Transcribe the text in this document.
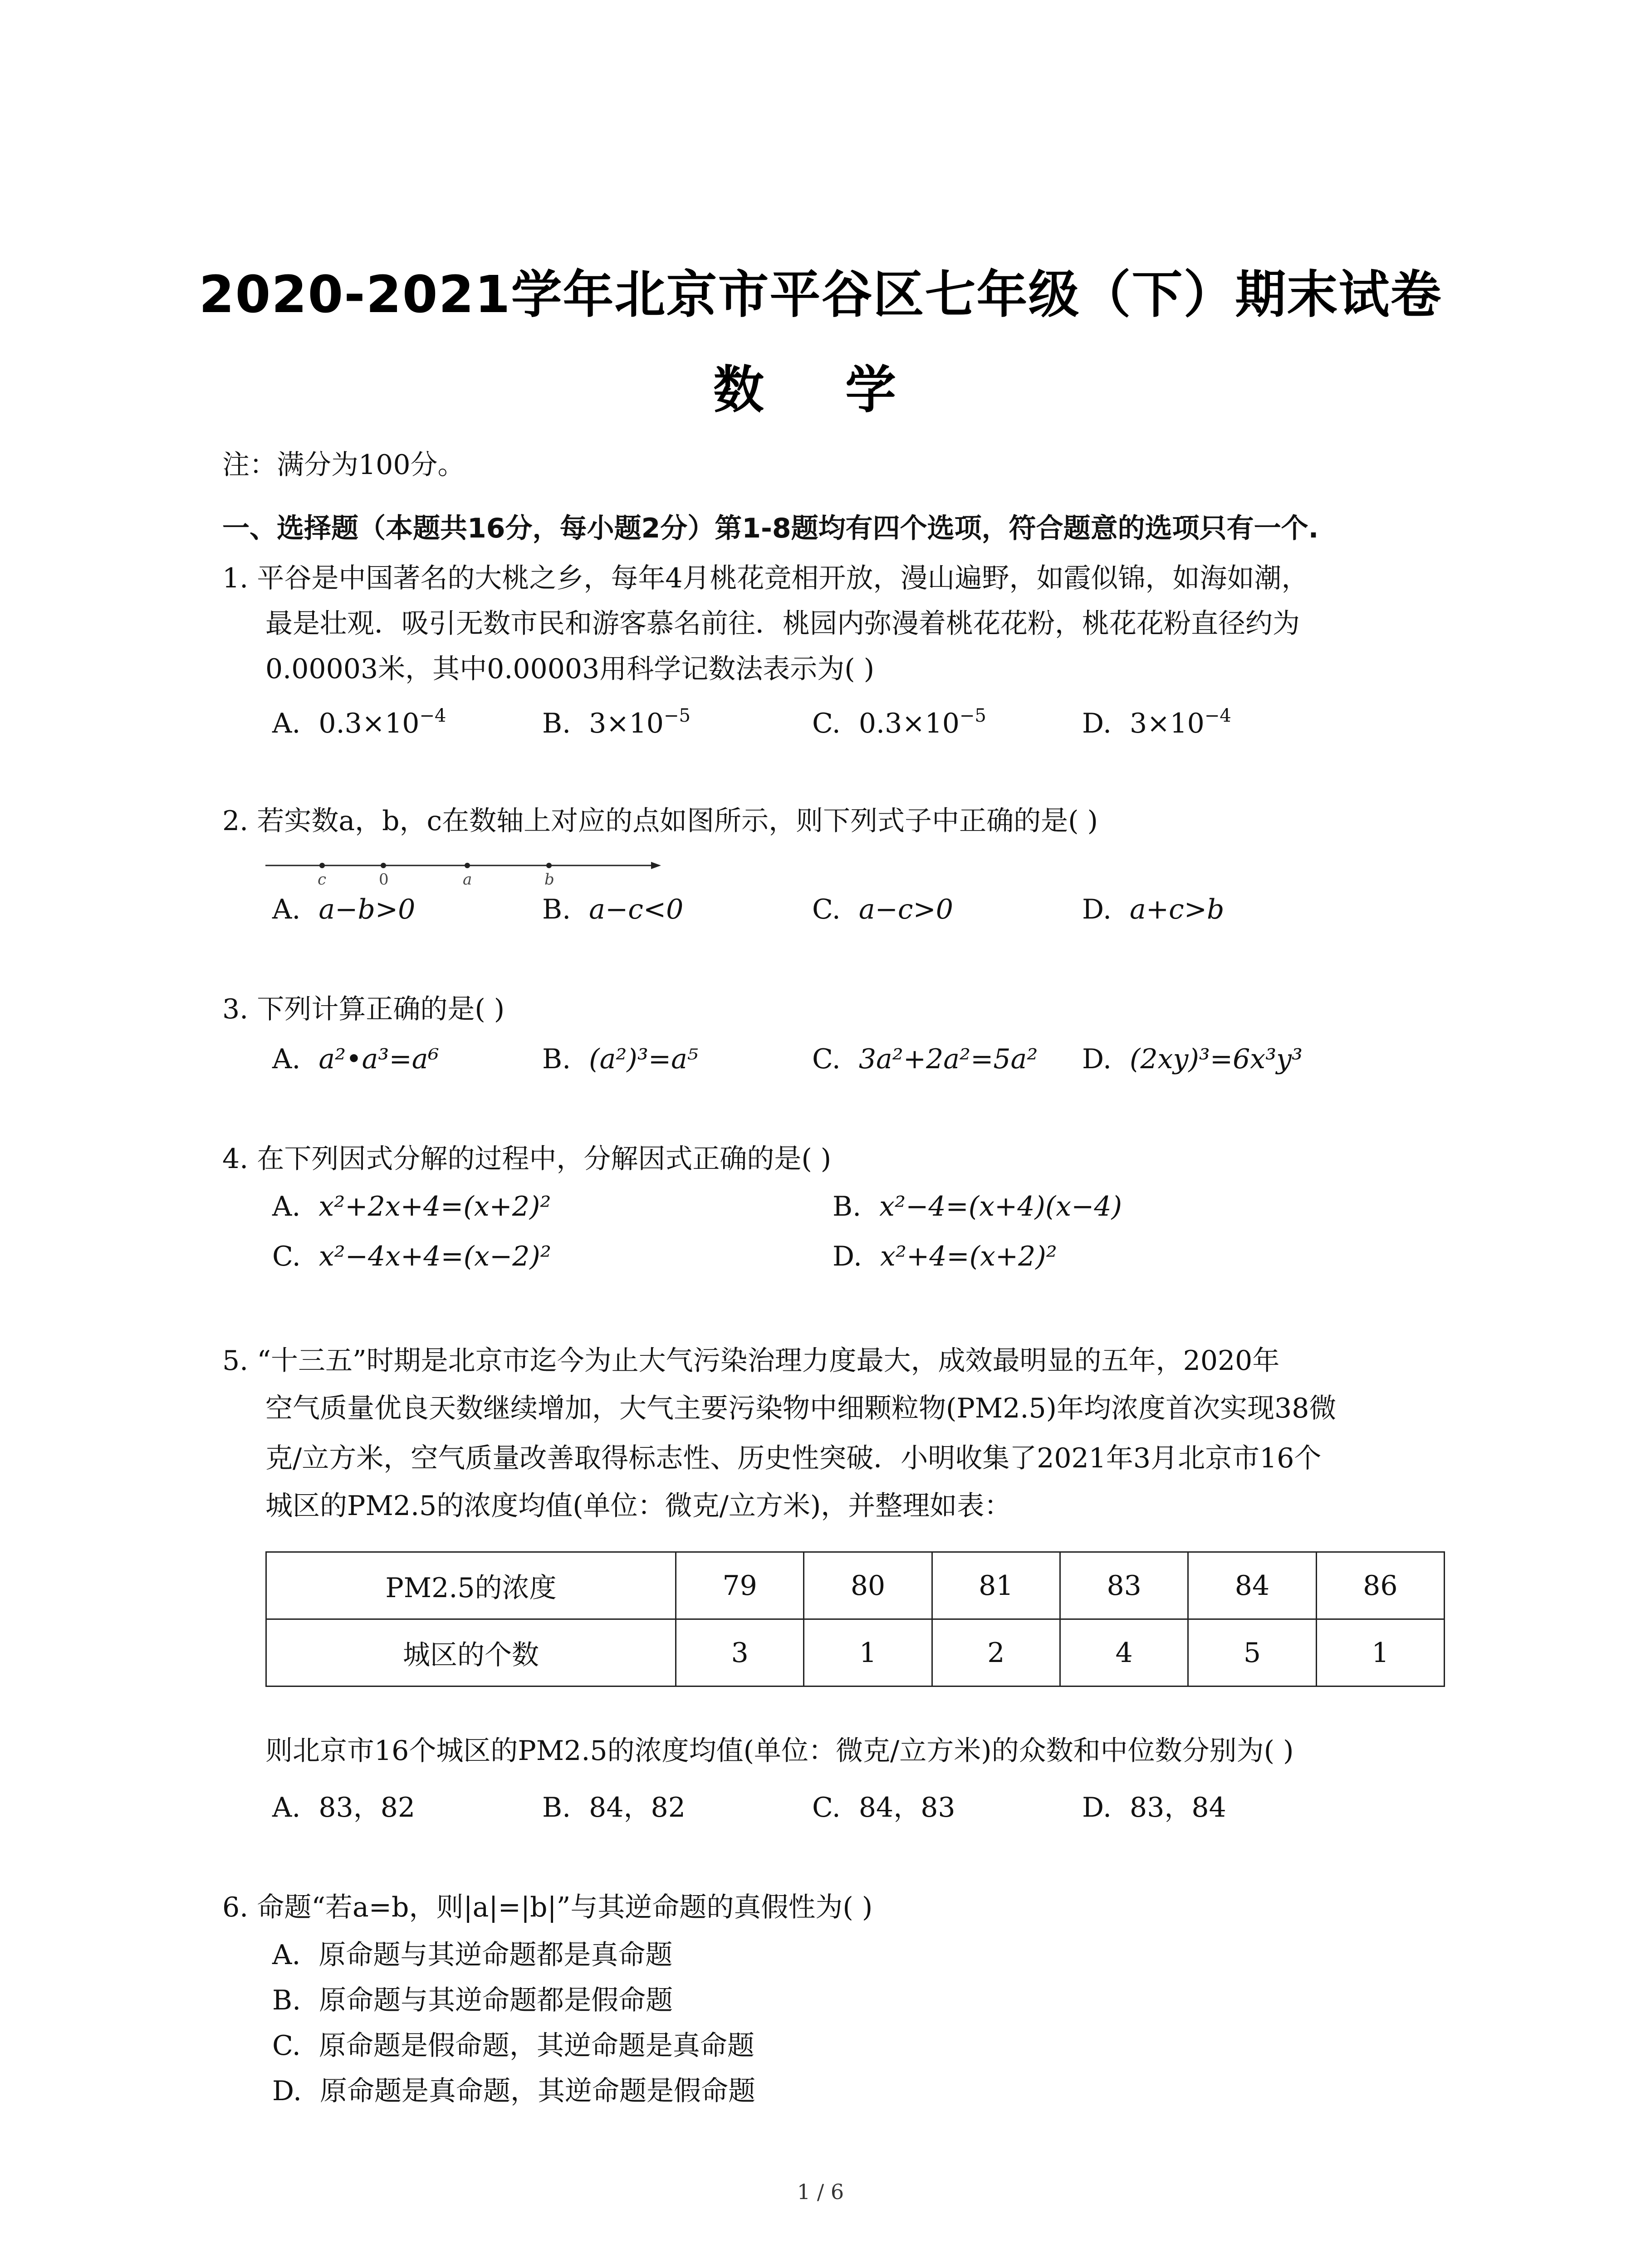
2020-2021学年北京市平谷区七年级（下）期末试卷
数 学
注：满分为100分。
一、选择题（本题共16分，每小题2分）第1-8题均有四个选项，符合题意的选项只有一个.
1. 平谷是中国著名的大桃之乡，每年4月桃花竞相开放，漫山遍野，如霞似锦，如海如潮，
最是壮观．吸引无数市民和游客慕名前往．桃园内弥漫着桃花花粉，桃花花粉直径约为
0.00003米，其中0.00003用科学记数法表示为( )
A. $0.3\times 10^{-4}$	B. $3\times 10^{-5}$	C. $0.3\times 10^{-5}$	D. $3\times 10^{-4}$
2. 若实数a，b，c在数轴上对应的点如图所示，则下列式子中正确的是( )
c	0	a	b
A. a−b>0	B. a−c<0	C. a−c>0	D. a+c>b
3. 下列计算正确的是( )
A. a²•a³=a⁶	B. (a²)³=a⁵	C. 3a²+2a²=5a² D. (2xy)³=6x³y³
4. 在下列因式分解的过程中，分解因式正确的是( )
A. x²+2x+4=(x+2)²	B. x²−4=(x+4)(x−4)
C. x²−4x+4=(x−2)²	D. x²+4=(x+2)²
5. “十三五”时期是北京市迄今为止大气污染治理力度最大，成效最明显的五年，2020年
空气质量优良天数继续增加，大气主要污染物中细颗粒物(PM2.5)年均浓度首次实现38微
克/立方米，空气质量改善取得标志性、历史性突破．小明收集了2021年3月北京市16个
城区的PM2.5的浓度均值(单位：微克/立方米)，并整理如表：
PM2.5的浓度	79	80	81	83	84	86
城区的个数	3	1	2	4	5	1
则北京市16个城区的PM2.5的浓度均值(单位：微克/立方米)的众数和中位数分别为( )
A. 83，82	B. 84，82	C. 84，83	D. 83，84
6. 命题“若a=b，则|a|=|b|”与其逆命题的真假性为( )
A. 原命题与其逆命题都是真命题
B. 原命题与其逆命题都是假命题
C. 原命题是假命题，其逆命题是真命题
D. 原命题是真命题，其逆命题是假命题
1 / 6
